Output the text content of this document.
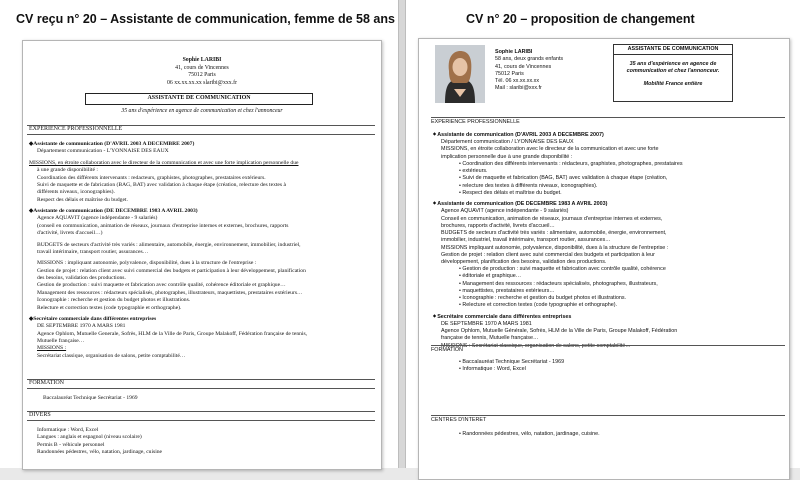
CV reçu n° 20 – Assistante de communication, femme de 58 ans
Sophie LARIBI
41, cours de Vincennes
75012 Paris
06 xx.xx.xx.xx slaribi@xxx.fr
ASSISTANTE DE COMMUNICATION
35 ans d'expérience en agence de communication et chez l'annonceur
EXPERIENCE PROFESSIONNELLE
◆Assistante de communication (D'AVRIL 2003 A DECEMBRE 2007)
Département communication - L'YONNAISE DES EAUX
MISSIONS, en étroite collaboration avec le directeur de la communication et avec une forte implication personnelle due
à une grande disponibilité :
Coordination des différents intervenants : redacteurs, graphistes, photographes, prestataires extérieurs.
Suivi de maquette et de fabrication (BAG, BAT) avec validation à chaque étape (création, relecture des textes à
différents niveaux, iconographies).
Respect des délais et maîtrise du budget.
◆Assistante de communication (DE DECEMBRE 1983 A AVRIL 2003)
Agence AQUAVIT (agence indépendante - 9 salariés)
(conseil en communication, animation de réseaux, journaux d'entreprise internes et externes, brochures, rapports
d'activité, livrets d'accueil…)
BUDGETS de secteurs d'activité très variés : alimentaire, automobile, énergie, environnement, immobilier, industriel,
travail intérimaire, transport routier, assurances…
MISSIONS : impliquant autonomie, polyvalence, disponibilité, dues à la structure de l'entreprise :
Gestion de projet : relation client avec suivi commercial des budgets et participation à leur développement, planification
des besoins, validation des productions.
Gestion de production : suivi maquette et fabrication avec contrôle qualité, cohérence éditoriale et graphique…
Management des ressources : rédacteurs spécialisés, photographes, illustrateurs, maquettistes, prestataires extérieurs…
Iconographie : recherche et gestion du budget photos et illustrations.
Relecture et correction textes (code typographie et orthographe).
◆Secrétaire commerciale dans différentes entreprises
DE SEPTEMBRE 1970 A MARS 1981
Agence Ophlom, Mutuelle Generale, Sofrès, HLM de la Ville de Paris, Groupe Malakoff, Fédération française de tennis,
Mutuelle française…
MISSIONS :
Secrétariat classique, organisation de salons, petite comptabilité…
FORMATION
Baccalauréat Technique Secrétariat - 1969
DIVERS
Informatique : Word, Excel
Langues : anglais et espagnol (niveau scolaire)
Permis B - véhicule personnel
Randonnées pédestres, vélo, natation, jardinage, cuisine
CV n° 20 – proposition de changement
Sophie LARIBI
58 ans, deux grands enfants
41, cours de Vincennes
75012 Paris
Tél. 06 xx.xx.xx.xx
Mail : slaribi@xxx.fr
ASSISTANTE DE COMMUNICATION
35 ans d'expérience en agence de communication et chez l'annonceur.
Mobilité France entière
EXPERIENCE PROFESSIONNELLE
◆ Assistante de communication (D'AVRIL 2003 A DECEMBRE 2007)
Département communication / LYONNAISE DES EAUX
MISSIONS, en étroite collaboration avec le directeur de la communication et avec une forte
implication personnelle due à une grande disponibilité :
• Coordination des différents intervenants : rédacteurs, graphistes, photographes, prestataires
• extérieurs.
• Suivi de maquette et fabrication (BAG, BAT) avec validation à chaque étape (création,
• relecture des textes à différents niveaux, iconographies).
• Respect des délais et maîtrise du budget.
◆ Assistante de communication (DE DECEMBRE 1983 A AVRIL 2003)
Agence AQUAVIT (agence indépendante - 9 salariés)
Conseil en communication, animation de réseaux, journaux d'entreprise internes et externes,
brochures, rapports d'activité, livrets d'accueil…
BUDGETS de secteurs d'activité très variés : alimentaire, automobile, énergie, environnement,
immobilier, industriel, travail intérimaire, transport routier, assurances…
MISSIONS impliquant autonomie, polyvalence, disponibilité, dues à la structure de l'entreprise :
Gestion de projet : relation client avec suivi commercial des budgets et participation à leur
développement, planification des besoins, validation des productions.
• Gestion de production : suivi maquette et fabrication avec contrôle qualité, cohérence
• éditoriale et graphique…
• Management des ressources : rédacteurs spécialisés, photographes, illustrateurs,
• maquettistes, prestataires extérieurs…
• Iconographie : recherche et gestion du budget photos et illustrations.
• Relecture et correction textes (code typographie et orthographe).
◆ Secrétaire commerciale dans différentes entreprises
DE SEPTEMBRE 1970 A MARS 1981
Agence Ophlom, Mutuelle Générale, Sofrès, HLM de la Ville de Paris, Groupe Malakoff, Fédération
française de tennis, Mutuelle française…
MISSIONS : Secrétariat classique, organisation de salons, petite comptabilité…
FORMATION
• Baccalauréat Technique Secrétariat - 1969
• Informatique : Word, Excel
CENTRES D'INTERET
• Randonnées pédestres, vélo, natation, jardinage, cuisine.
